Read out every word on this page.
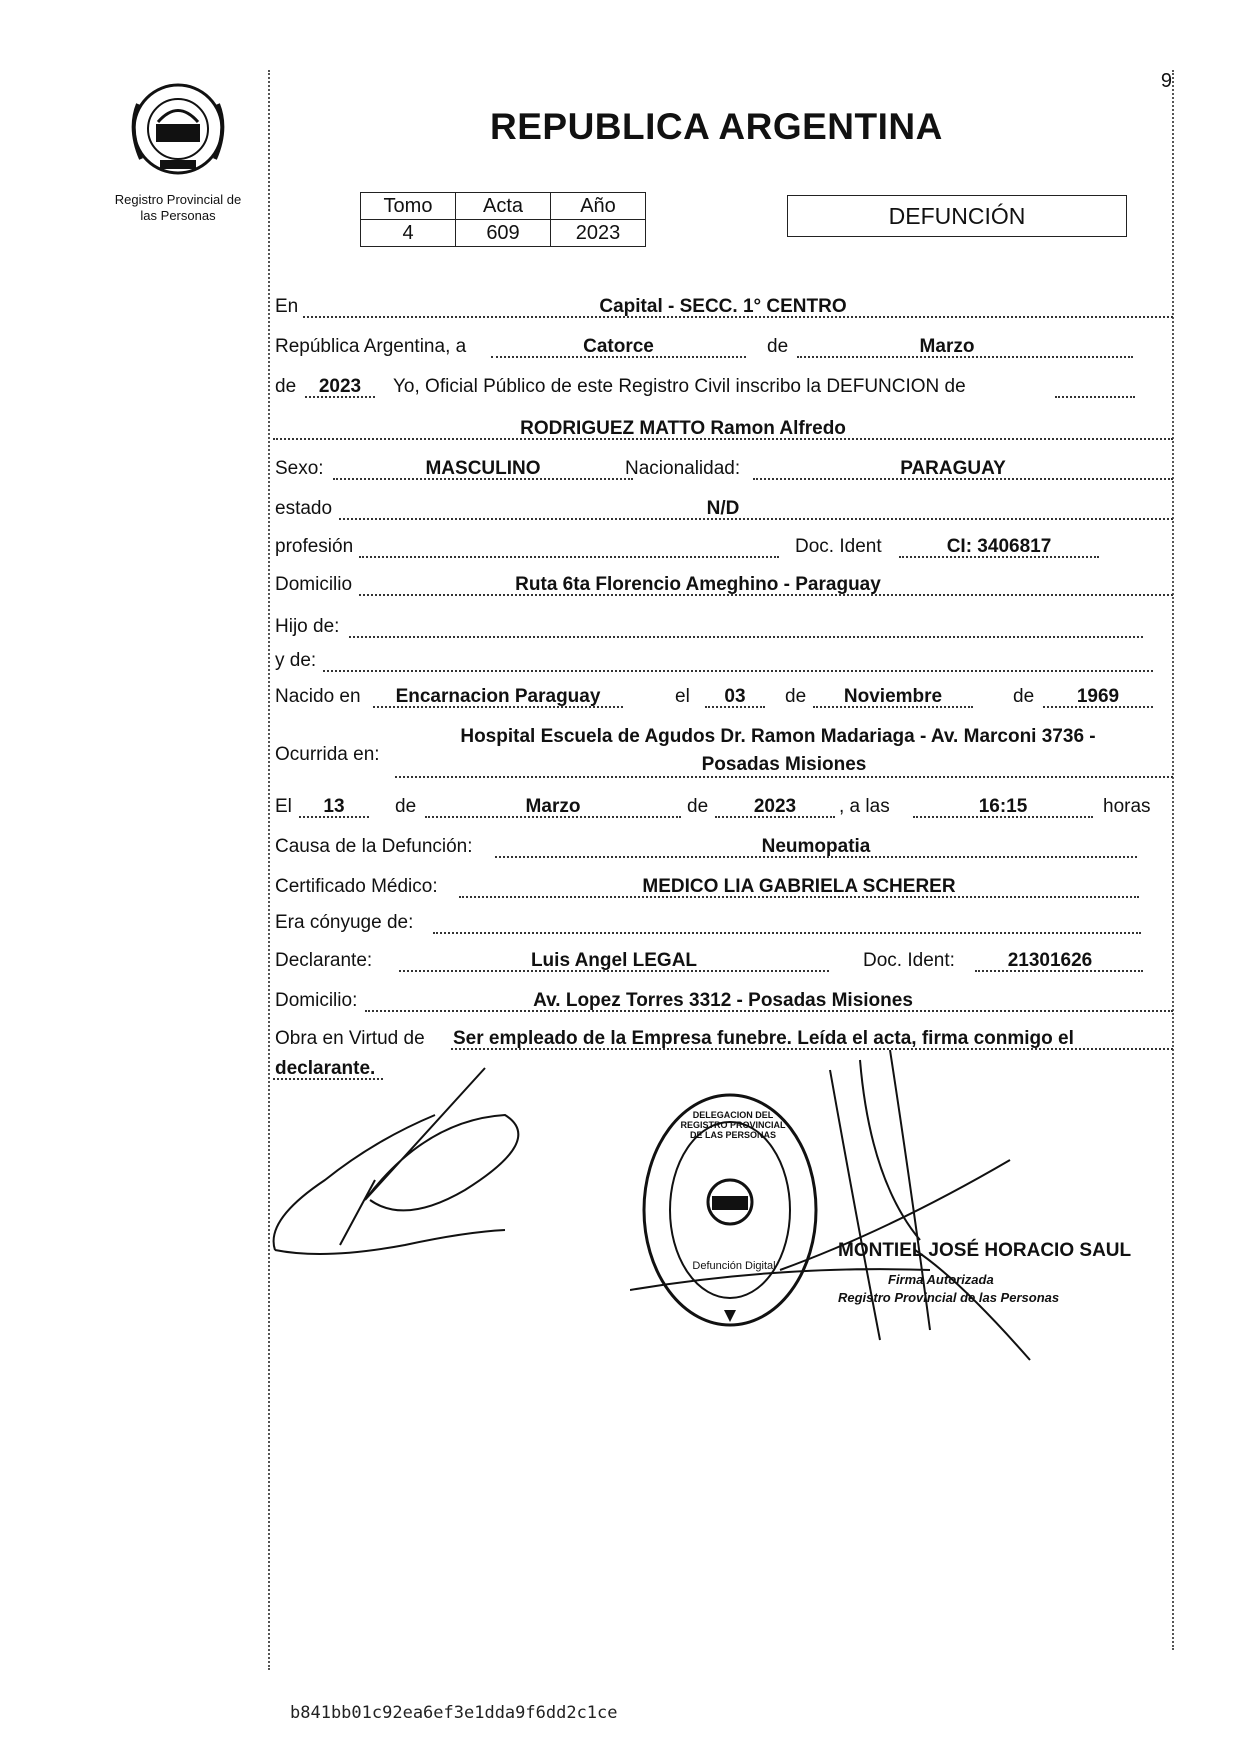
9
Registro Provincial de
las Personas
REPUBLICA ARGENTINA
Tomo	Acta	Año
4	609	2023
DEFUNCIÓN
En	Capital - SECC. 1° CENTRO
República Argentina, a	Catorce	de	Marzo
de	2023	Yo, Oficial Público de este Registro Civil inscribo la DEFUNCION de
RODRIGUEZ MATTO Ramon Alfredo
Sexo:	MASCULINO	Nacionalidad:	PARAGUAY
estado	N/D
profesión	Doc. Ident	CI: 3406817
Domicilio	Ruta 6ta Florencio Ameghino - Paraguay
Hijo de:
y de:
Nacido en	Encarnacion Paraguay	el	03	de	Noviembre	de	1969
Ocurrida en:
Hospital Escuela de Agudos Dr. Ramon Madariaga - Av. Marconi 3736 -
Posadas Misiones
El	13	de	Marzo	de	2023	, a las	16:15	horas
Causa de la Defunción:	Neumopatia
Certificado Médico:	MEDICO LIA GABRIELA SCHERER
Era cónyuge de:
Declarante:	Luis Angel LEGAL	Doc. Ident:	21301626
Domicilio:	Av. Lopez Torres 3312 - Posadas Misiones
Obra en Virtud de Ser empleado de la Empresa funebre. Leída el acta, firma conmigo el
declarante.
DELEGACION DEL REGISTRO PROVINCIAL DE LAS PERSONAS
Defunción Digital
MONTIEL JOSÉ HORACIO SAUL
Firma Autorizada
Registro Provincial de las Personas
b841bb01c92ea6ef3e1dda9f6dd2c1ce
